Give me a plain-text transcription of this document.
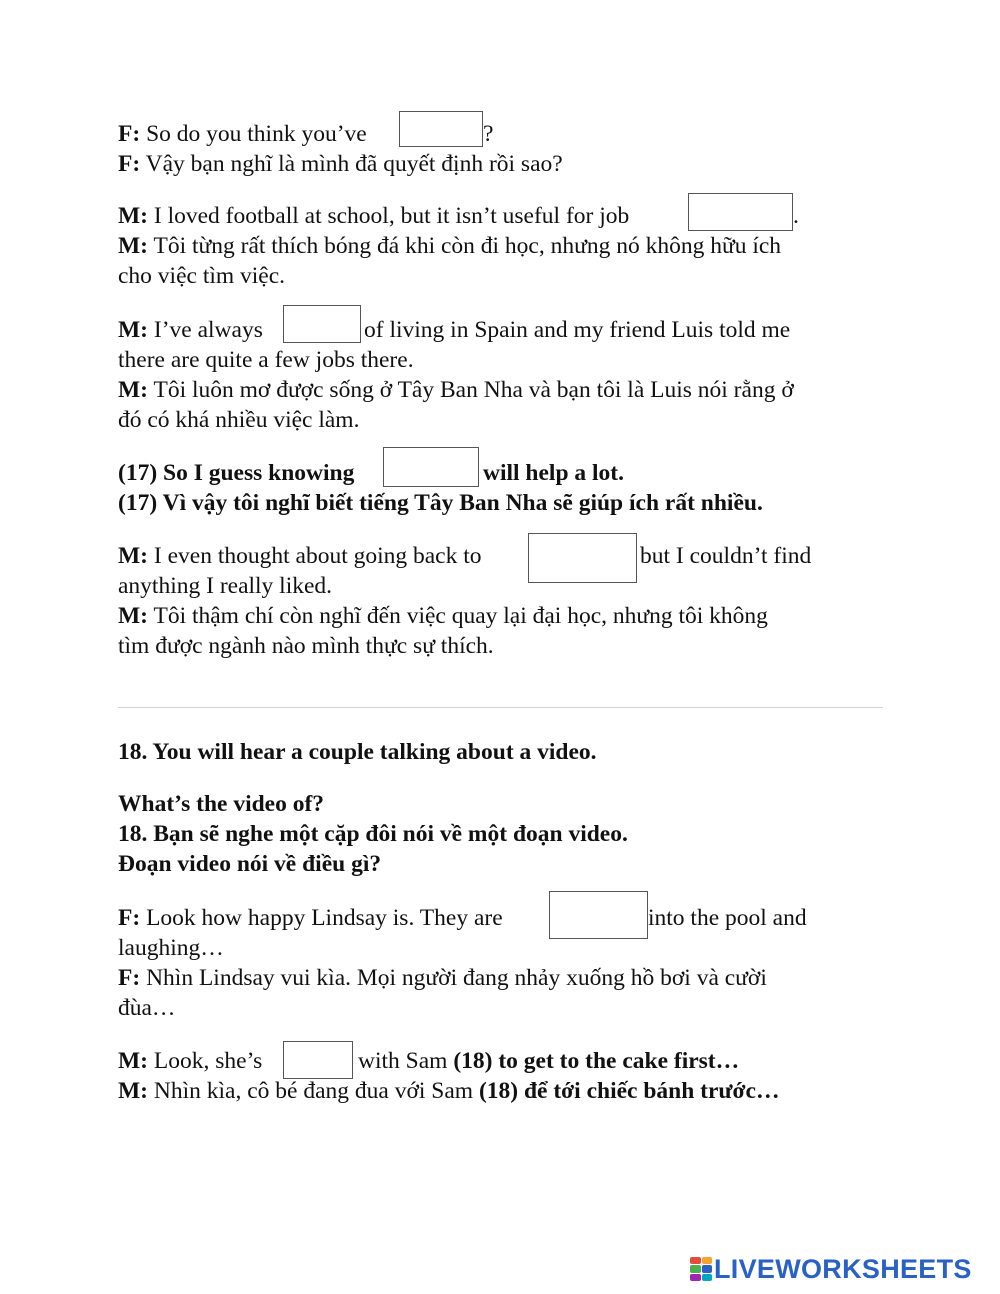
F: So do you think you’ve	?
F: Vậy bạn nghĩ là mình đã quyết định rồi sao?
M: I loved football at school, but it isn’t useful for job	.
M: Tôi từng rất thích bóng đá khi còn đi học, nhưng nó không hữu ích
cho việc tìm việc.
M: I’ve always	of living in Spain and my friend Luis told me
there are quite a few jobs there.
M: Tôi luôn mơ được sống ở Tây Ban Nha và bạn tôi là Luis nói rằng ở
đó có khá nhiều việc làm.
(17) So I guess knowing	will help a lot.
(17) Vì vậy tôi nghĩ biết tiếng Tây Ban Nha sẽ giúp ích rất nhiều.
M: I even thought about going back to	but I couldn’t find
anything I really liked.
M: Tôi thậm chí còn nghĩ đến việc quay lại đại học, nhưng tôi không
tìm được ngành nào mình thực sự thích.
18. You will hear a couple talking about a video.
What’s the video of?
18. Bạn sẽ nghe một cặp đôi nói về một đoạn video.
Đoạn video nói về điều gì?
F: Look how happy Lindsay is. They are	into the pool and
laughing…
F: Nhìn Lindsay vui kìa. Mọi người đang nhảy xuống hồ bơi và cười
đùa…
M: Look, she’s	with Sam (18) to get to the cake first…
M: Nhìn kìa, cô bé đang đua với Sam (18) để tới chiếc bánh trước…
LIVEWORKSHEETS
